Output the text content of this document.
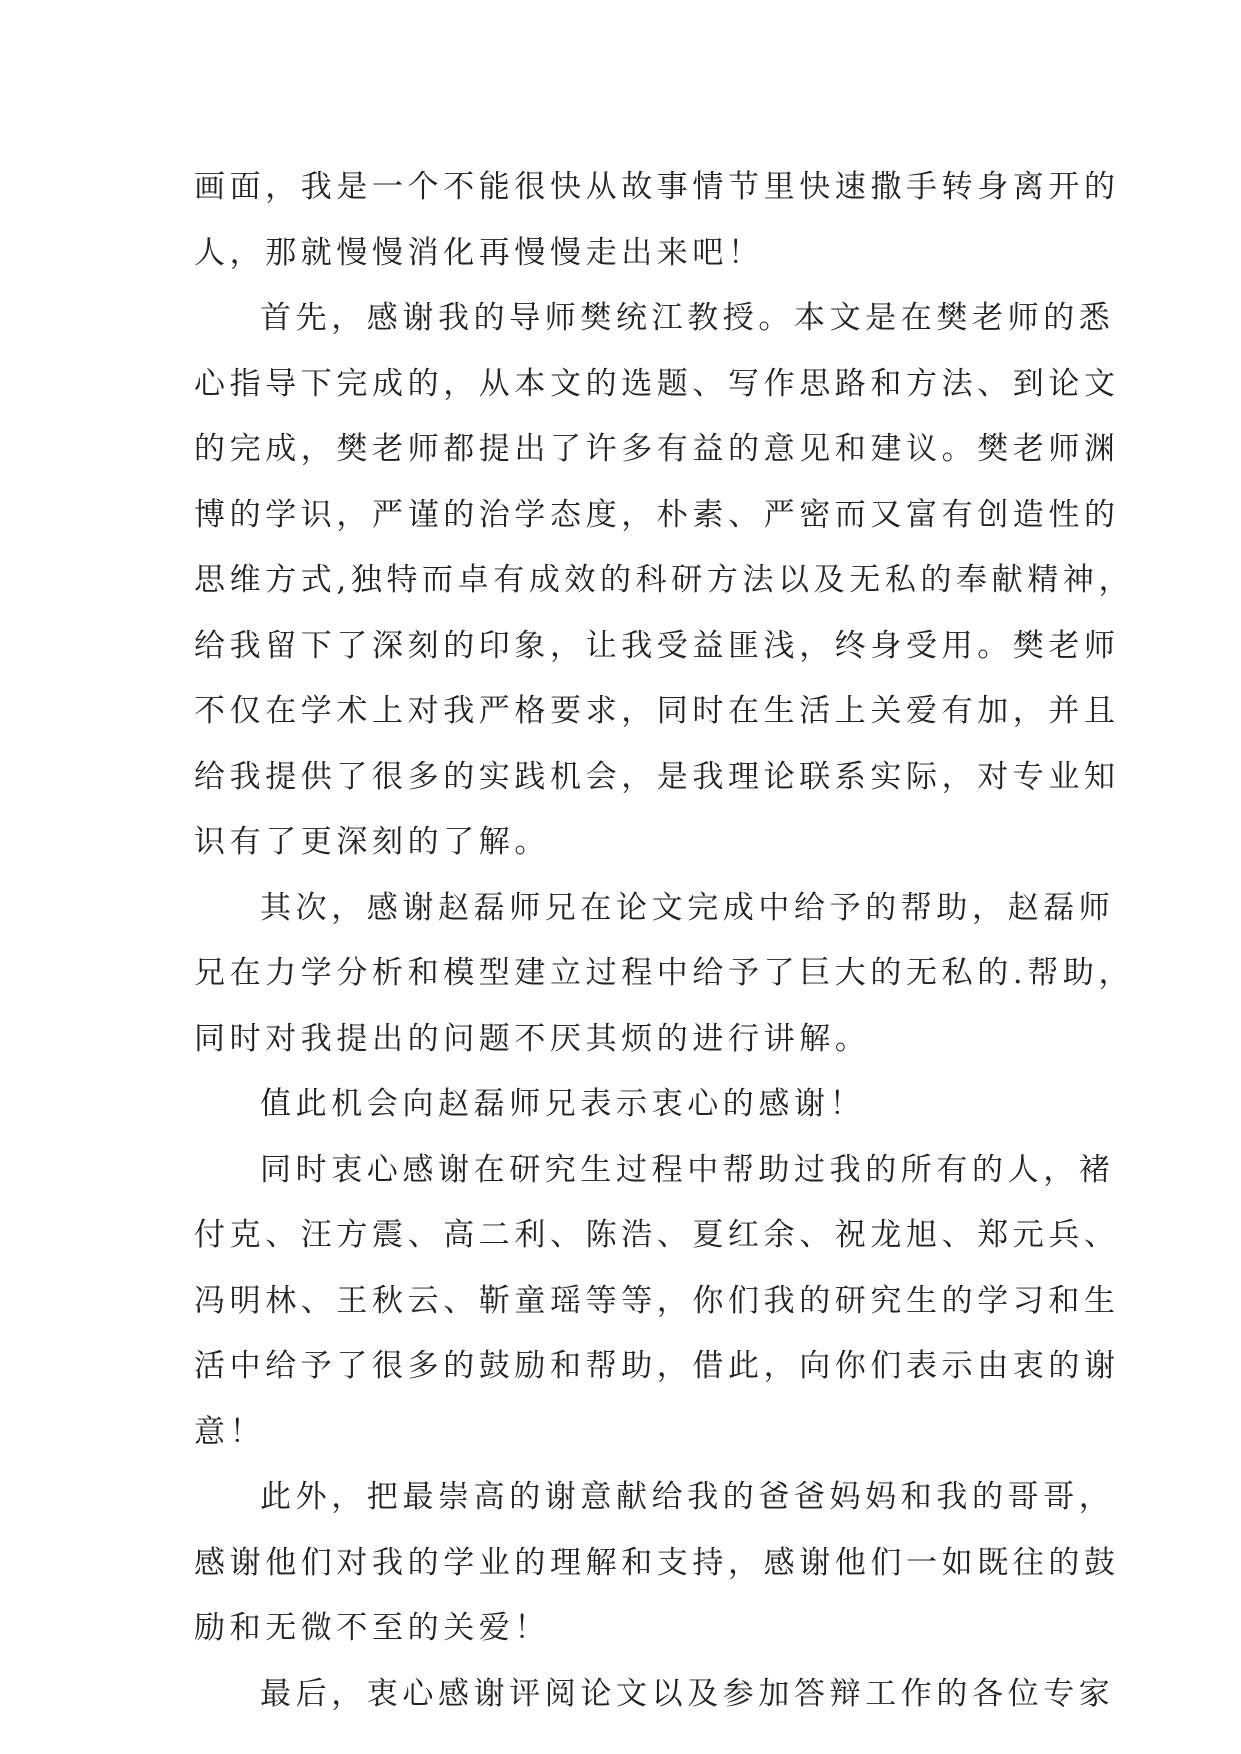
画面，我是一个不能很快从故事情节里快速撒手转身离开的
人，那就慢慢消化再慢慢走出来吧！
首先，感谢我的导师樊统江教授。本文是在樊老师的悉
心指导下完成的，从本文的选题、写作思路和方法、到论文
的完成，樊老师都提出了许多有益的意见和建议。樊老师渊
博的学识，严谨的治学态度，朴素、严密而又富有创造性的
思维方式,独特而卓有成效的科研方法以及无私的奉献精神，
给我留下了深刻的印象，让我受益匪浅，终身受用。樊老师
不仅在学术上对我严格要求，同时在生活上关爱有加，并且
给我提供了很多的实践机会，是我理论联系实际，对专业知
识有了更深刻的了解。
其次，感谢赵磊师兄在论文完成中给予的帮助，赵磊师
兄在力学分析和模型建立过程中给予了巨大的无私的.帮助，
同时对我提出的问题不厌其烦的进行讲解。
值此机会向赵磊师兄表示衷心的感谢！
同时衷心感谢在研究生过程中帮助过我的所有的人，褚
付克、汪方震、高二利、陈浩、夏红余、祝龙旭、郑元兵、
冯明林、王秋云、靳童瑶等等，你们我的研究生的学习和生
活中给予了很多的鼓励和帮助，借此，向你们表示由衷的谢
意！
此外，把最崇高的谢意献给我的爸爸妈妈和我的哥哥，
感谢他们对我的学业的理解和支持，感谢他们一如既往的鼓
励和无微不至的关爱！
最后，衷心感谢评阅论文以及参加答辩工作的各位专家
